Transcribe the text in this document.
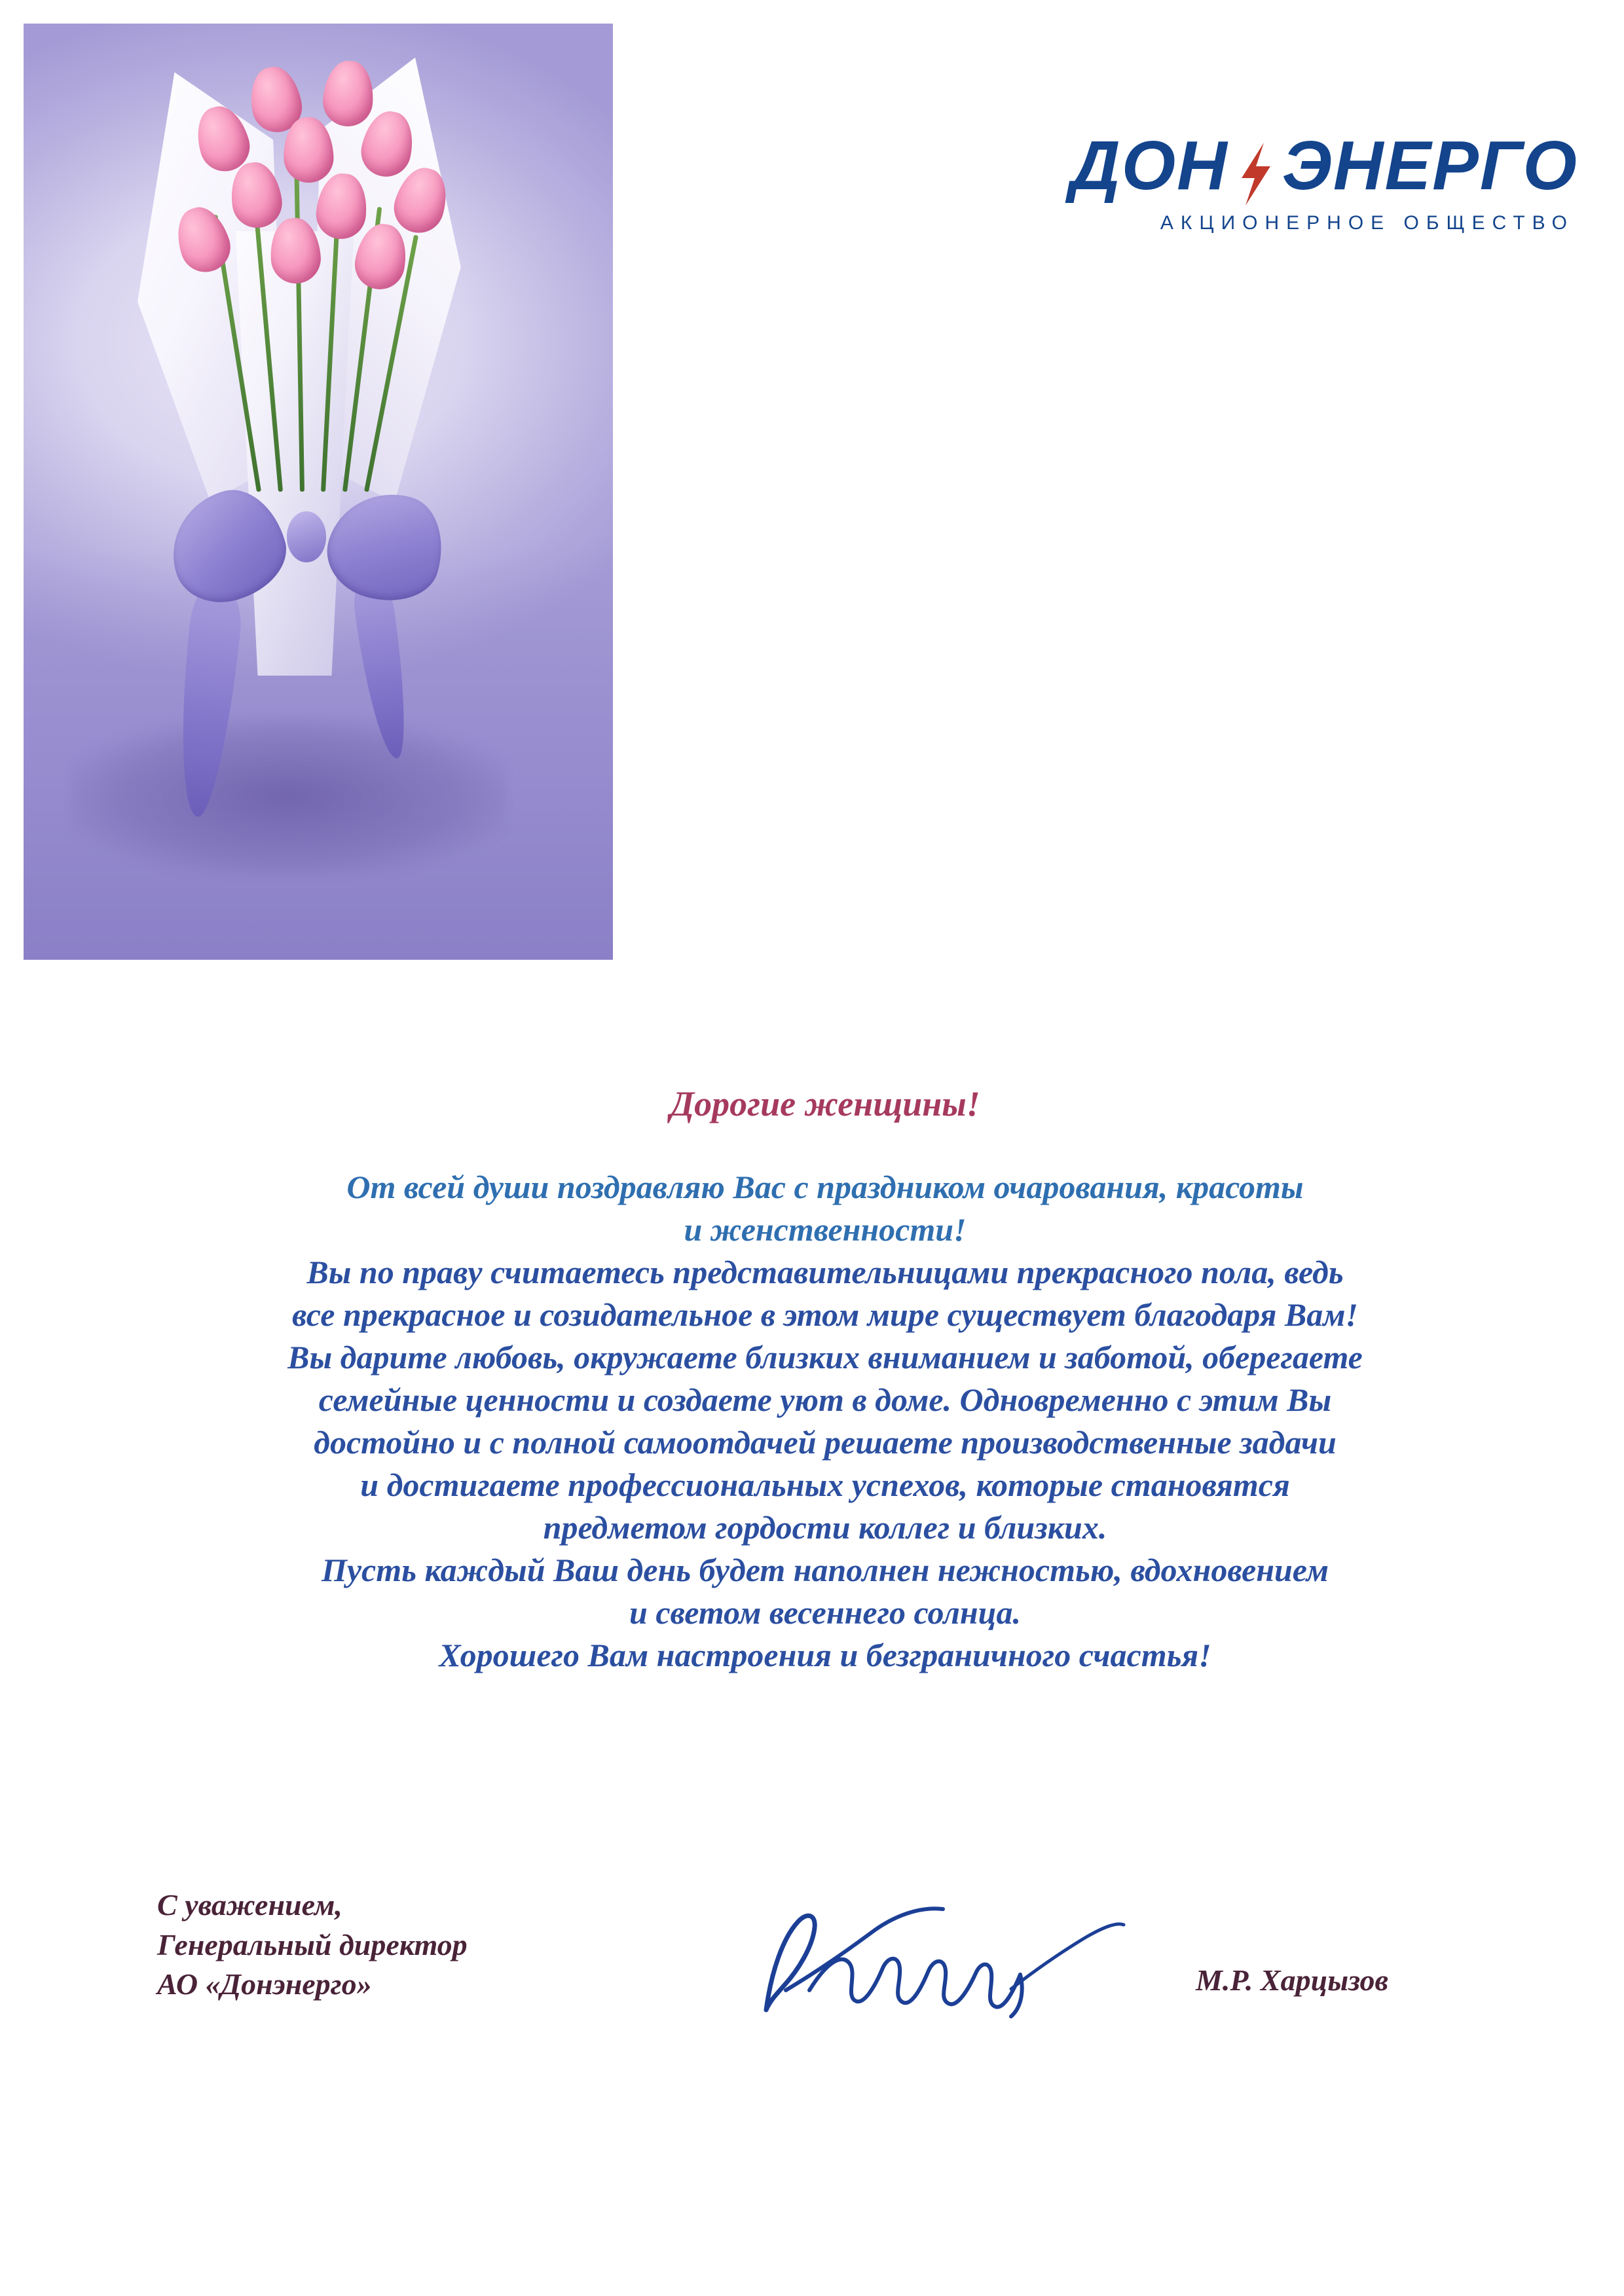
ДОН ЭНЕРГО
АКЦИОНЕРНОЕ ОБЩЕСТВО
Дорогие женщины!

От всей души поздравляю Вас с праздником очарования, красоты

и женственности!

Вы по праву считаетесь представительницами прекрасного пола, ведь

все прекрасное и созидательное в этом мире существует благодаря Вам!

Вы дарите любовь, окружаете близких вниманием и заботой, оберегаете

семейные ценности и создаете уют в доме. Одновременно с этим Вы

достойно и с полной самоотдачей решаете производственные задачи

и достигаете профессиональных успехов, которые становятся

предметом гордости коллег и близких.

Пусть каждый Ваш день будет наполнен нежностью, вдохновением

и светом весеннего солнца.

Хорошего Вам настроения и безграничного счастья!

С уважением,
Генеральный директор
АО «Донэнерго»	М.Р. Харцызов
